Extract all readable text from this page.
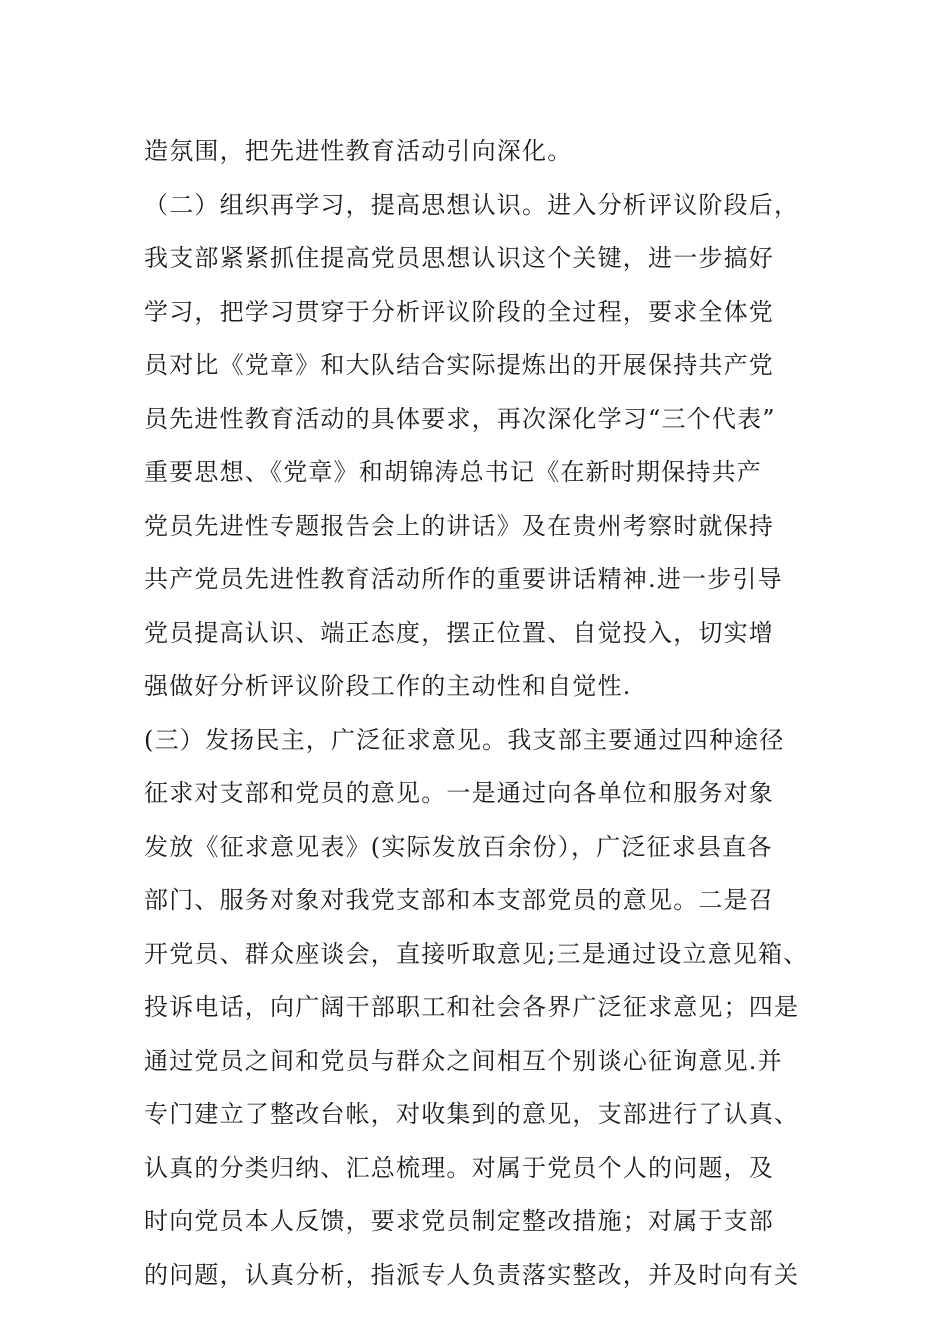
造氛围，把先进性教育活动引向深化。
（二）组织再学习，提高思想认识。进入分析评议阶段后，
我支部紧紧抓住提高党员思想认识这个关键，进一步搞好
学习，把学习贯穿于分析评议阶段的全过程，要求全体党
员对比《党章》和大队结合实际提炼出的开展保持共产党
员先进性教育活动的具体要求，再次深化学习“三个代表”
重要思想、《党章》和胡锦涛总书记《在新时期保持共产
党员先进性专题报告会上的讲话》及在贵州考察时就保持
共产党员先进性教育活动所作的重要讲话精神.进一步引导
党员提高认识、端正态度，摆正位置、自觉投入，切实增
强做好分析评议阶段工作的主动性和自觉性.
(三）发扬民主，广泛征求意见。我支部主要通过四种途径
征求对支部和党员的意见。一是通过向各单位和服务对象
发放《征求意见表》(实际发放百余份），广泛征求县直各
部门、服务对象对我党支部和本支部党员的意见。二是召
开党员、群众座谈会，直接听取意见;三是通过设立意见箱、
投诉电话，向广阔干部职工和社会各界广泛征求意见；四是
通过党员之间和党员与群众之间相互个别谈心征询意见.并
专门建立了整改台帐，对收集到的意见，支部进行了认真、
认真的分类归纳、汇总梳理。对属于党员个人的问题，及
时向党员本人反馈，要求党员制定整改措施；对属于支部
的问题，认真分析，指派专人负责落实整改，并及时向有关
